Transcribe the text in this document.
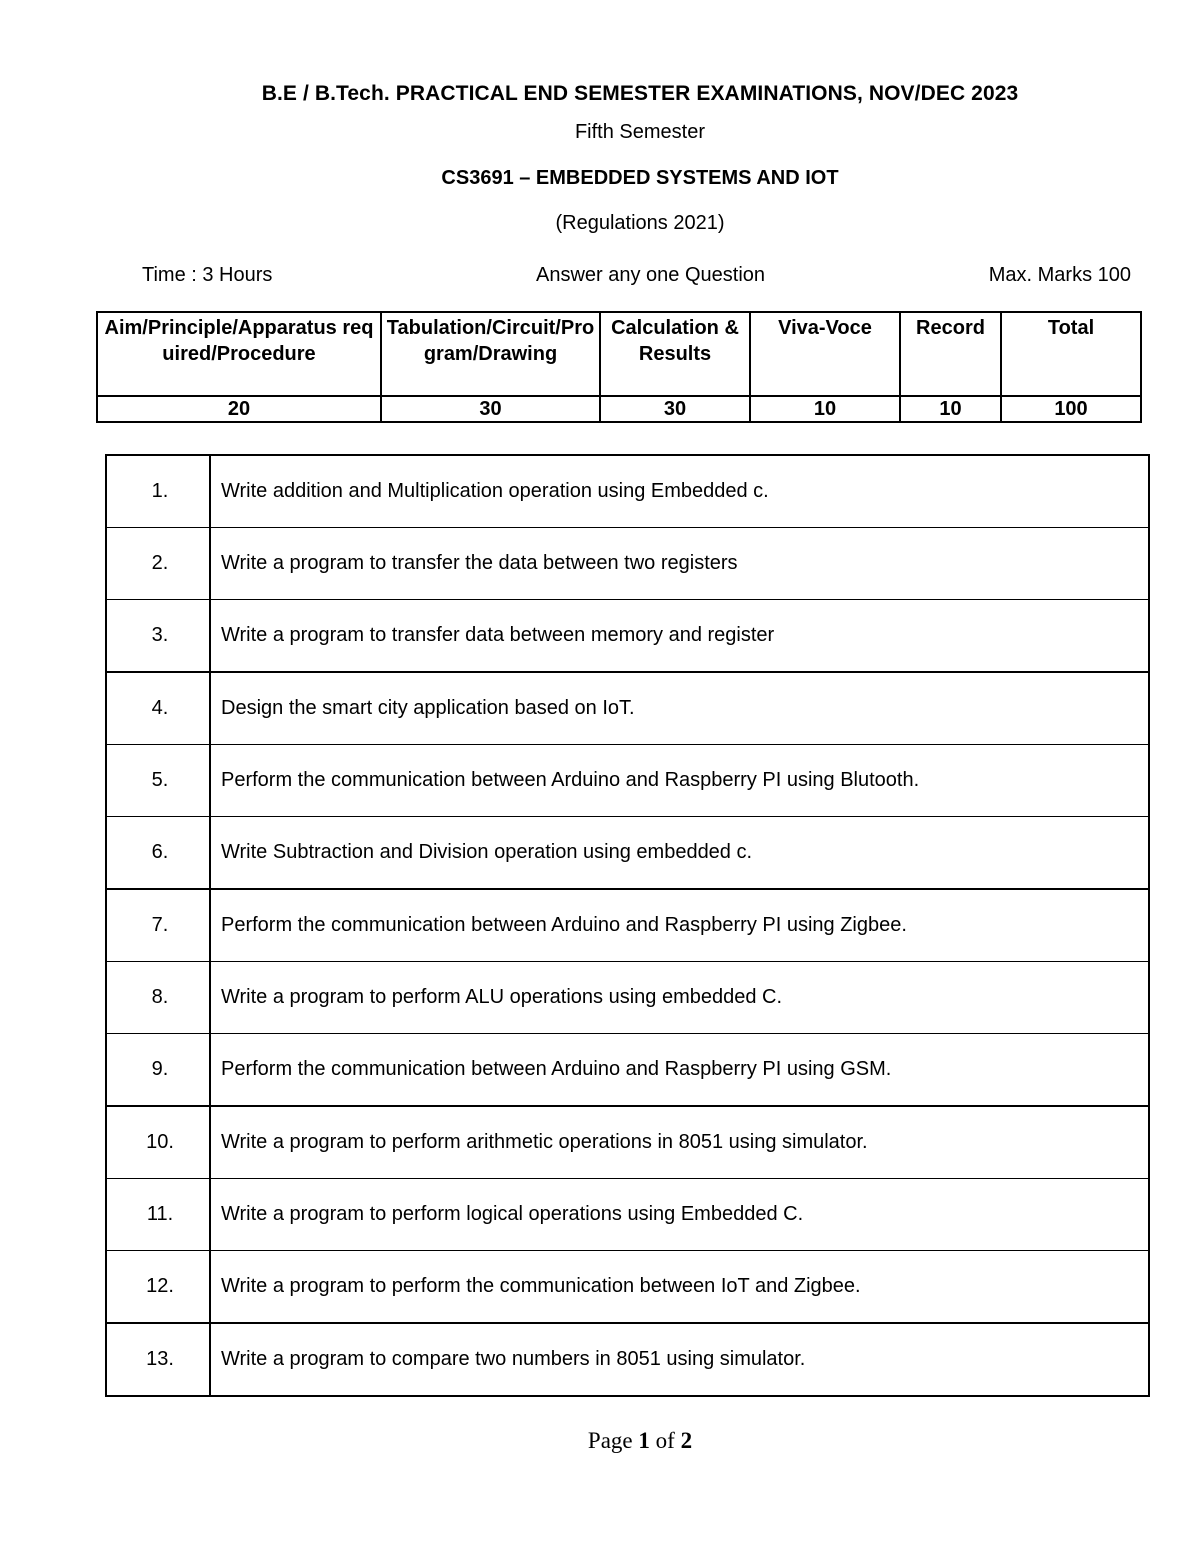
B.E / B.Tech. PRACTICAL END SEMESTER EXAMINATIONS, NOV/DEC 2023
Fifth Semester
CS3691 – EMBEDDED SYSTEMS AND IOT
(Regulations 2021)
Time : 3 Hours	Answer any one Question	Max. Marks 100
Aim/Principle/Apparatus required/Procedure	Tabulation/Circuit/Program/Drawing	Calculation & Results	Viva-Voce	Record	Total
20	30	30	10	10	100
1.	Write addition and Multiplication operation using Embedded c.
2.	Write a program to transfer the data between two registers
3.	Write a program to transfer data between memory and register
4.	Design the smart city application based on IoT.
5.	Perform the communication between Arduino and Raspberry PI using Blutooth.
6.	Write Subtraction and Division operation using embedded c.
7.	Perform the communication between Arduino and Raspberry PI using Zigbee.
8.	Write a program to perform ALU operations using embedded C.
9.	Perform the communication between Arduino and Raspberry PI using GSM.
10.	Write a program to perform arithmetic operations in 8051 using simulator.
11.	Write a program to perform logical operations using Embedded C.
12.	Write a program to perform the communication between IoT and Zigbee.
13.	Write a program to compare two numbers in 8051 using simulator.
Page 1 of 2
